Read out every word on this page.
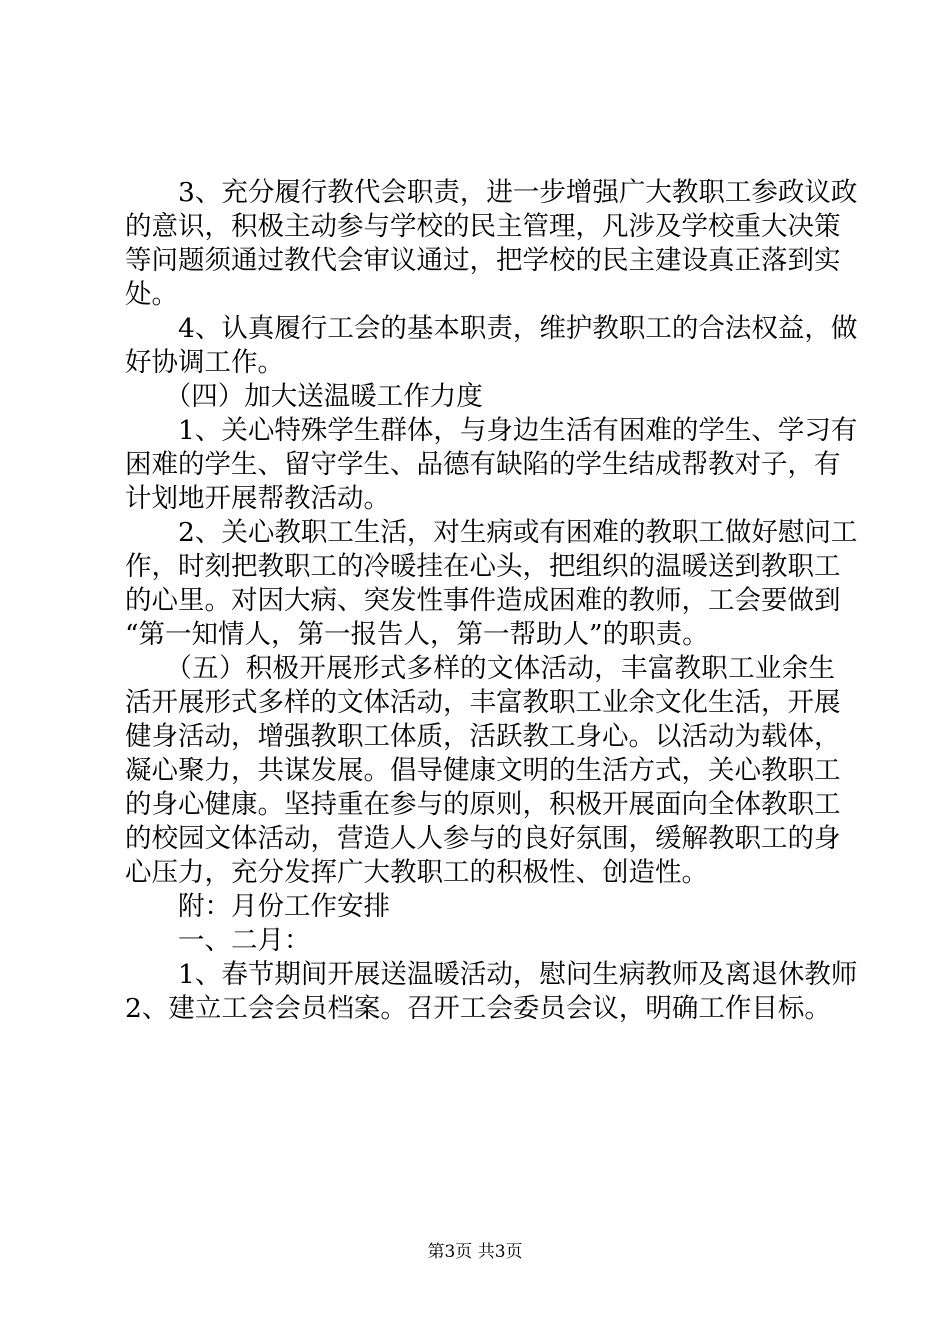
　　3、充分履行教代会职责，进一步增强广大教职工参政议政
的意识，积极主动参与学校的民主管理，凡涉及学校重大决策
等问题须通过教代会审议通过，把学校的民主建设真正落到实
处。
　　4、认真履行工会的基本职责，维护教职工的合法权益，做
好协调工作。
　　（四）加大送温暖工作力度
　　1、关心特殊学生群体，与身边生活有困难的学生、学习有
困难的学生、留守学生、品德有缺陷的学生结成帮教对子，有
计划地开展帮教活动。
　　2、关心教职工生活，对生病或有困难的教职工做好慰问工
作，时刻把教职工的冷暖挂在心头，把组织的温暖送到教职工
的心里。对因大病、突发性事件造成困难的教师，工会要做到
“第一知情人，第一报告人，第一帮助人”的职责。
　　（五）积极开展形式多样的文体活动，丰富教职工业余生
活开展形式多样的文体活动，丰富教职工业余文化生活，开展
健身活动，增强教职工体质，活跃教工身心。以活动为载体，
凝心聚力，共谋发展。倡导健康文明的生活方式，关心教职工
的身心健康。坚持重在参与的原则，积极开展面向全体教职工
的校园文体活动，营造人人参与的良好氛围，缓解教职工的身
心压力，充分发挥广大教职工的积极性、创造性。
　　附：月份工作安排
　　一、二月：
　　1、春节期间开展送温暖活动，慰问生病教师及离退休教师
2、建立工会会员档案。召开工会委员会议，明确工作目标。
第3页 共3页
